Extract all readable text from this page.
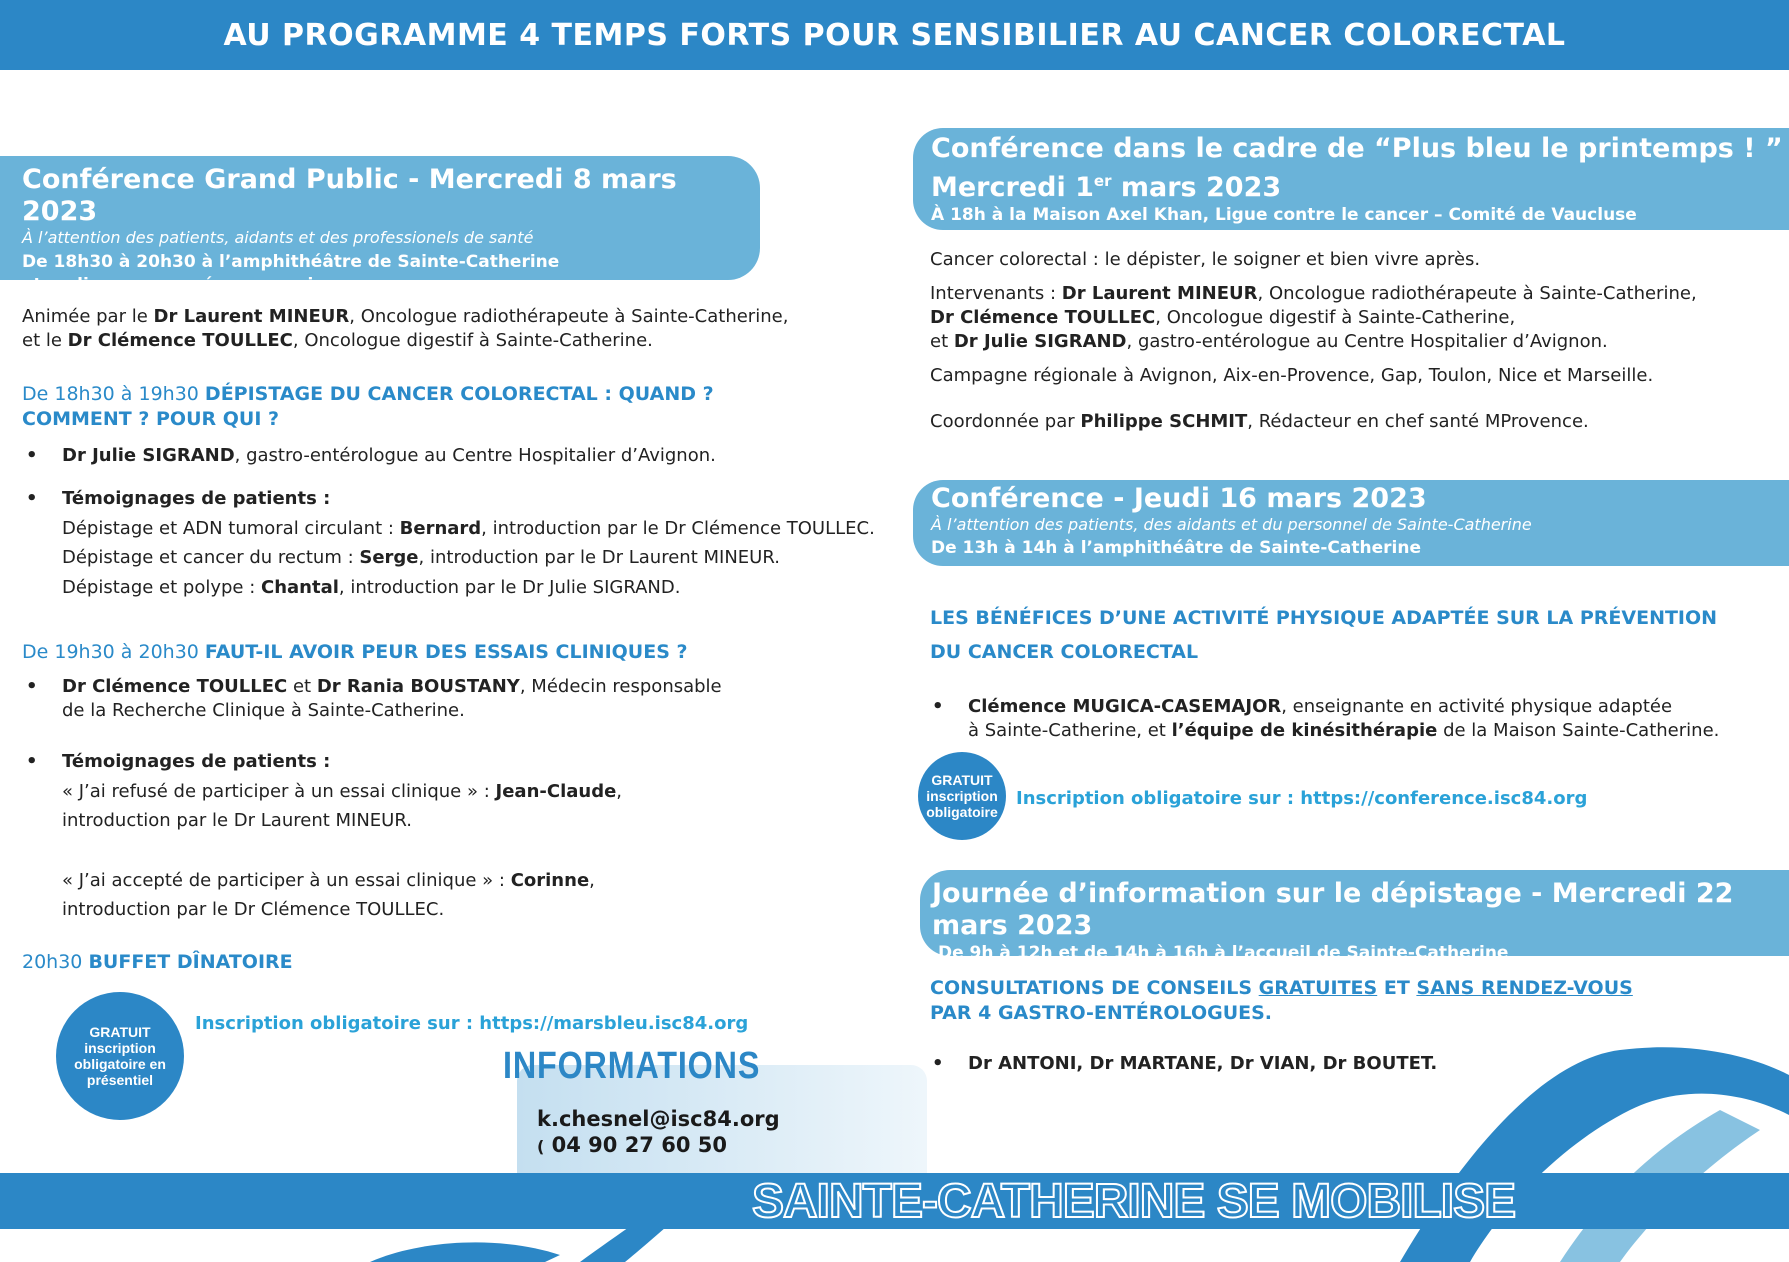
AU PROGRAMME 4 TEMPS FORTS POUR SENSIBILIER AU CANCER COLORECTAL
Conférence Grand Public - Mercredi 8 mars 2023
À l’attention des patients, aidants et des professionels de santé
De 18h30 à 20h30 à l’amphithéâtre de Sainte-Catherine
et en live sur nos réseaux sociaux
Animée par le Dr Laurent MINEUR, Oncologue radiothérapeute à Sainte-Catherine,
et le Dr Clémence TOULLEC, Oncologue digestif à Sainte-Catherine.
De 18h30 à 19h30 DÉPISTAGE DU CANCER COLORECTAL : QUAND ?
COMMENT ? POUR QUI ?
• Dr Julie SIGRAND, gastro-entérologue au Centre Hospitalier d’Avignon.
• Témoignages de patients :
Dépistage et ADN tumoral circulant : Bernard, introduction par le Dr Clémence TOULLEC.
Dépistage et cancer du rectum : Serge, introduction par le Dr Laurent MINEUR.
Dépistage et polype : Chantal, introduction par le Dr Julie SIGRAND.
De 19h30 à 20h30 FAUT-IL AVOIR PEUR DES ESSAIS CLINIQUES ?
• Dr Clémence TOULLEC et Dr Rania BOUSTANY, Médecin responsable
de la Recherche Clinique à Sainte-Catherine.
• Témoignages de patients :
« J’ai refusé de participer à un essai clinique » : Jean-Claude,
introduction par le Dr Laurent MINEUR.
« J’ai accepté de participer à un essai clinique » : Corinne,
introduction par le Dr Clémence TOULLEC.
20h30 BUFFET DÎNATOIRE
GRATUIT
inscription
obligatoire en
présentiel
Inscription obligatoire sur : https://marsbleu.isc84.org
INFORMATIONS
k.chesnel@isc84.org
( 04 90 27 60 50
Conférence dans le cadre de “Plus bleu le printemps ! ”
Mercredi 1er mars 2023
À 18h à la Maison Axel Khan, Ligue contre le cancer – Comité de Vaucluse
Cancer colorectal : le dépister, le soigner et bien vivre après.
Intervenants : Dr Laurent MINEUR, Oncologue radiothérapeute à Sainte-Catherine,
Dr Clémence TOULLEC, Oncologue digestif à Sainte-Catherine,
et Dr Julie SIGRAND, gastro-entérologue au Centre Hospitalier d’Avignon.
Campagne régionale à Avignon, Aix-en-Provence, Gap, Toulon, Nice et Marseille.
Coordonnée par Philippe SCHMIT, Rédacteur en chef santé MProvence.
Conférence - Jeudi 16 mars 2023
À l’attention des patients, des aidants et du personnel de Sainte-Catherine
De 13h à 14h à l’amphithéâtre de Sainte-Catherine
LES BÉNÉFICES D’UNE ACTIVITÉ PHYSIQUE ADAPTÉE SUR LA PRÉVENTION
DU CANCER COLORECTAL
• Clémence MUGICA-CASEMAJOR, enseignante en activité physique adaptée
à Sainte-Catherine, et l’équipe de kinésithérapie de la Maison Sainte-Catherine.
GRATUIT
inscription
obligatoire
Inscription obligatoire sur : https://conference.isc84.org
Journée d’information sur le dépistage - Mercredi 22 mars 2023
De 9h à 12h et de 14h à 16h à l’accueil de Sainte-Catherine
CONSULTATIONS DE CONSEILS GRATUITES ET SANS RENDEZ-VOUS
PAR 4 GASTRO-ENTÉROLOGUES.
• Dr ANTONI, Dr MARTANE, Dr VIAN, Dr BOUTET.
SAINTE-CATHERINE SE MOBILISE
